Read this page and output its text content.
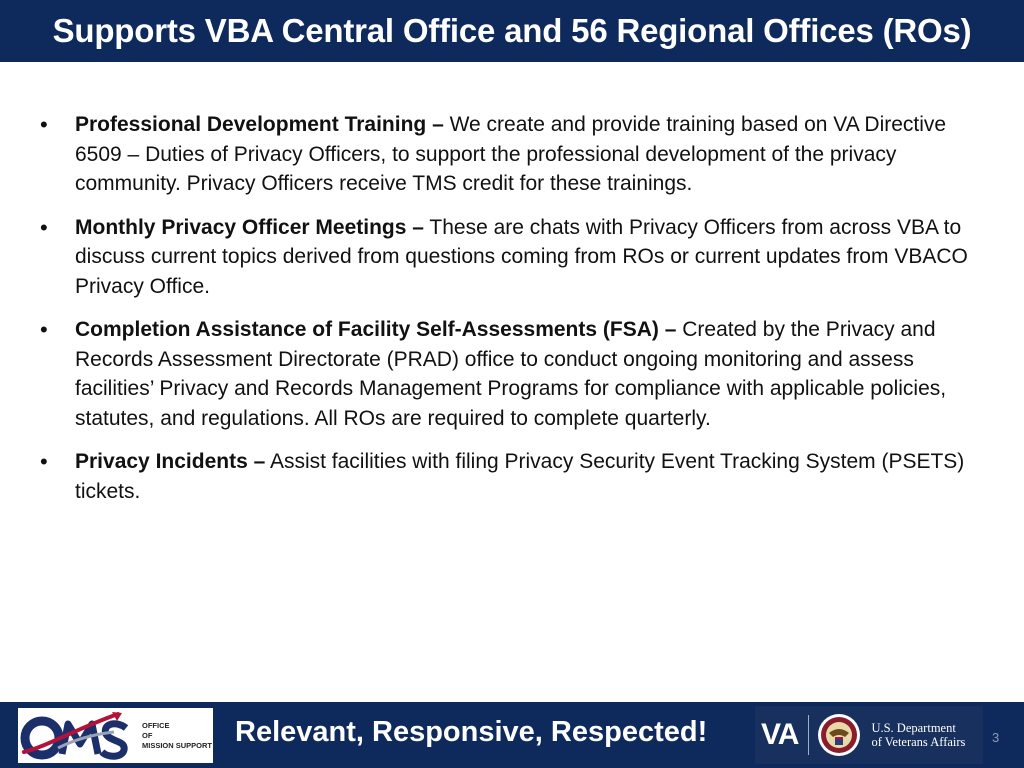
Supports VBA Central Office and 56 Regional Offices (ROs)
• Professional Development Training – We create and provide training based on VA Directive 6509 – Duties of Privacy Officers, to support the professional development of the privacy community. Privacy Officers receive TMS credit for these trainings.
• Monthly Privacy Officer Meetings – These are chats with Privacy Officers from across VBA to discuss current topics derived from questions coming from ROs or current updates from VBACO Privacy Office.
• Completion Assistance of Facility Self-Assessments (FSA) – Created by the Privacy and Records Assessment Directorate (PRAD) office to conduct ongoing monitoring and assess facilities’ Privacy and Records Management Programs for compliance with applicable policies, statutes, and regulations. All ROs are required to complete quarterly.
• Privacy Incidents – Assist facilities with filing Privacy Security Event Tracking System (PSETS) tickets.
OFFICE
OF
MISSION SUPPORT Relevant, Responsive, Respected! VA	U.S. Department
of Veterans Affairs 3
